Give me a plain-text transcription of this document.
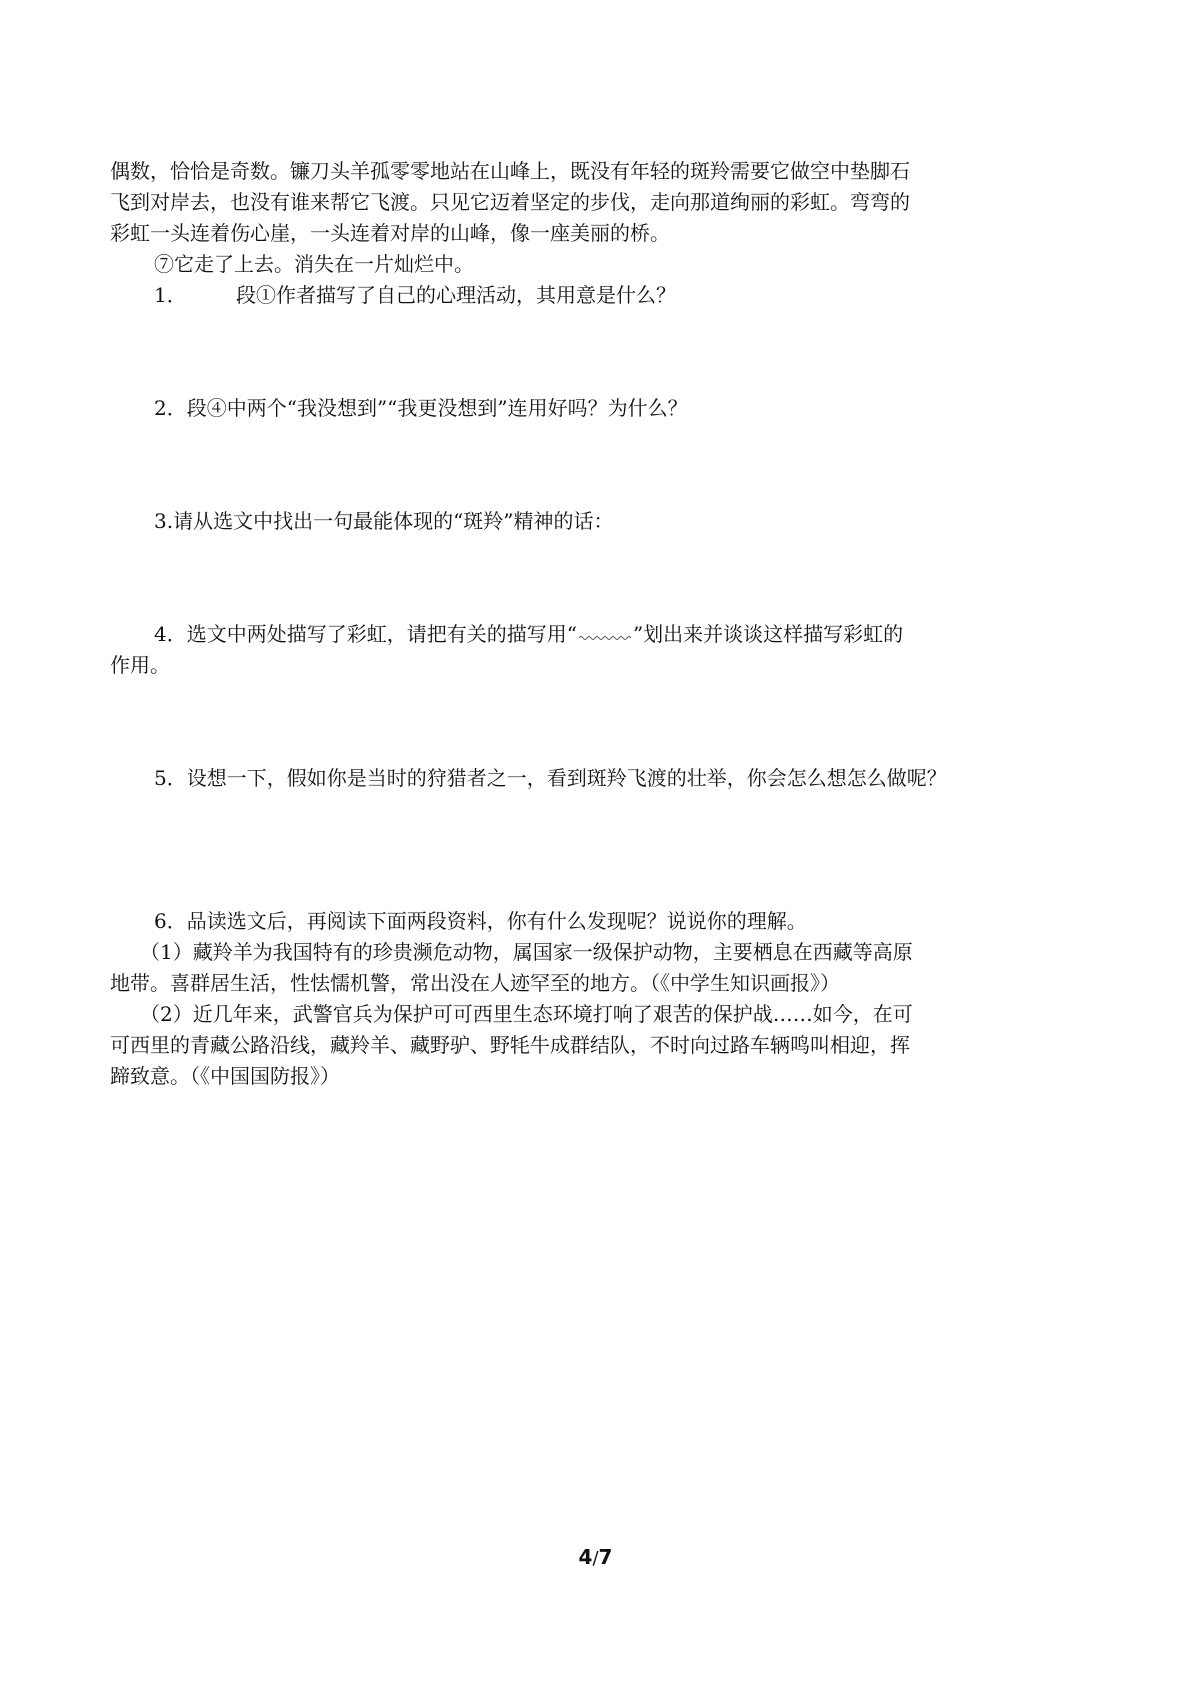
偶数，恰恰是奇数。镰刀头羊孤零零地站在山峰上，既没有年轻的斑羚需要它做空中垫脚石

飞到对岸去，也没有谁来帮它飞渡。只见它迈着坚定的步伐，走向那道绚丽的彩虹。弯弯的

彩虹一头连着伤心崖，一头连着对岸的山峰，像一座美丽的桥。

⑦它走了上去。消失在一片灿烂中。

1． 段①作者描写了自己的心理活动，其用意是什么？

2．段④中两个“我没想到”“我更没想到”连用好吗？为什么？

3.请从选文中找出一句最能体现的“斑羚”精神的话：

4．选文中两处描写了彩虹，请把有关的描写用“	”划出来并谈谈这样描写彩虹的

作用。

5．设想一下，假如你是当时的狩猎者之一，看到斑羚飞渡的壮举，你会怎么想怎么做呢？

6．品读选文后，再阅读下面两段资料，你有什么发现呢？说说你的理解。

（1）藏羚羊为我国特有的珍贵濒危动物，属国家一级保护动物，主要栖息在西藏等高原

地带。喜群居生活，性怯懦机警，常出没在人迹罕至的地方。（《中学生知识画报》）

（2）近几年来，武警官兵为保护可可西里生态环境打响了艰苦的保护战……如今，在可

可西里的青藏公路沿线，藏羚羊、藏野驴、野牦牛成群结队，不时向过路车辆鸣叫相迎，挥

蹄致意。（《中国国防报》）

4/7
